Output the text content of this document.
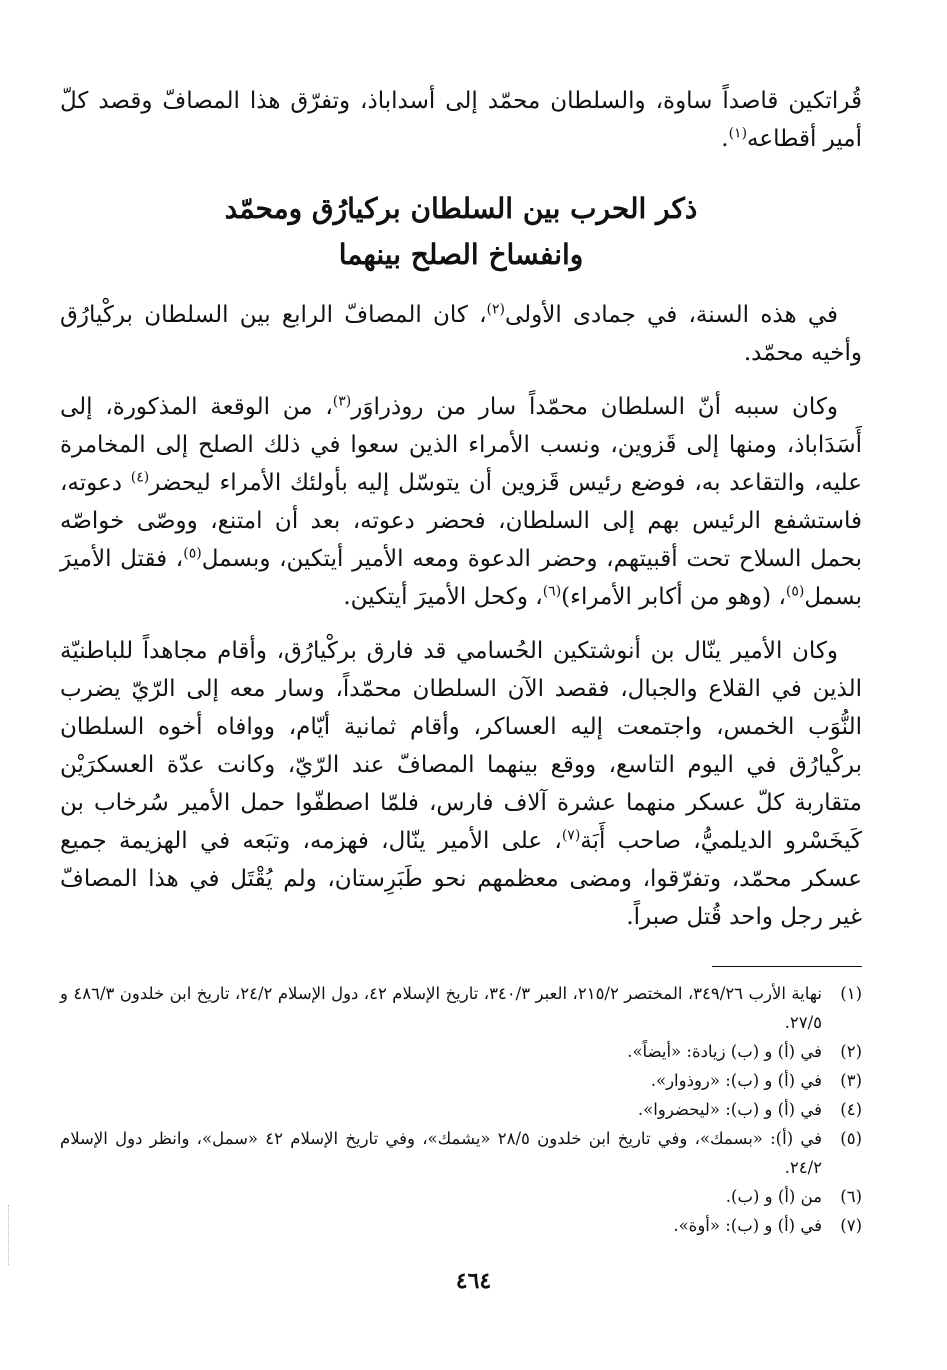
قُراتكين قاصداً ساوة، والسلطان محمّد إلى أسداباذ، وتفرّق هذا المصافّ وقصد كلّ أمير أقطاعه$^{(١)}$.

ذكر الحرب بين السلطان بركيارُق ومحمّد
وانفساخ الصلح بينهما

في هذه السنة، في جمادى الأولى$^{(٢)}$، كان المصافّ الرابع بين السلطان بركْيارُق وأخيه محمّد.

وكان سببه أنّ السلطان محمّداً سار من روذراوَر$^{(٣)}$، من الوقعة المذكورة، إلى أَسَدَاباذ، ومنها إلى قَزوين، ونسب الأمراء الذين سعوا في ذلك الصلح إلى المخامرة عليه، والتقاعد به، فوضع رئيس قَزوين أن يتوسّل إليه بأولئك الأمراء ليحضر$^{(٤)}$ دعوته، فاستشفع الرئيس بهم إلى السلطان، فحضر دعوته، بعد أن امتنع، ووصّى خواصّه بحمل السلاح تحت أقبيتهم، وحضر الدعوة ومعه الأمير أيتكين، وبسمل$^{(٥)}$، فقتل الأميرَ بسمل$^{(٥)}$، (وهو من أكابر الأمراء)$^{(٦)}$، وكحل الأميرَ أيتكين.

وكان الأمير ينّال بن أنوشتكين الحُسامي قد فارق بركْيارُق، وأقام مجاهداً للباطنيّة الذين في القلاع والجبال، فقصد الآن السلطان محمّداً، وسار معه إلى الرّيّ يضرب النُّوَب الخمس، واجتمعت إليه العساكر، وأقام ثمانية أيّام، ووافاه أخوه السلطان بركْيارُق في اليوم التاسع، ووقع بينهما المصافّ عند الرّيّ، وكانت عدّة العسكرَيْن متقاربة كلّ عسكر منهما عشرة آلاف فارس، فلمّا اصطفّوا حمل الأمير سُرخاب بن كَيخَسْرو الديلميُّ، صاحب أَبَة$^{(٧)}$، على الأمير ينّال، فهزمه، وتبَعه في الهزيمة جميع عسكر محمّد، وتفرّقوا، ومضى معظمهم نحو طَبَرِستان، ولم يُقْتَل في هذا المصافّ غير رجل واحد قُتل صبراً.

(١)
نهاية الأرب ٣٤٩/٢٦، المختصر ٢١٥/٢، العبر ٣٤٠/٣، تاريخ الإسلام ٤٢، دول الإسلام ٢٤/٢، تاريخ ابن خلدون ٤٨٦/٣ و ٢٧/٥.
(٢)
في (أ) و (ب) زيادة: «أيضاً».
(٣)
في (أ) و (ب): «روذوار».
(٤)
في (أ) و (ب): «ليحضروا».
(٥)
في (أ): «بسمك»، وفي تاريخ ابن خلدون ٢٨/٥ «يشمك»، وفي تاريخ الإسلام ٤٢ «سمل»، وانظر دول الإسلام ٢٤/٢.
(٦)
من (أ) و (ب).
(٧)
في (أ) و (ب): «أوة».
٤٦٤
